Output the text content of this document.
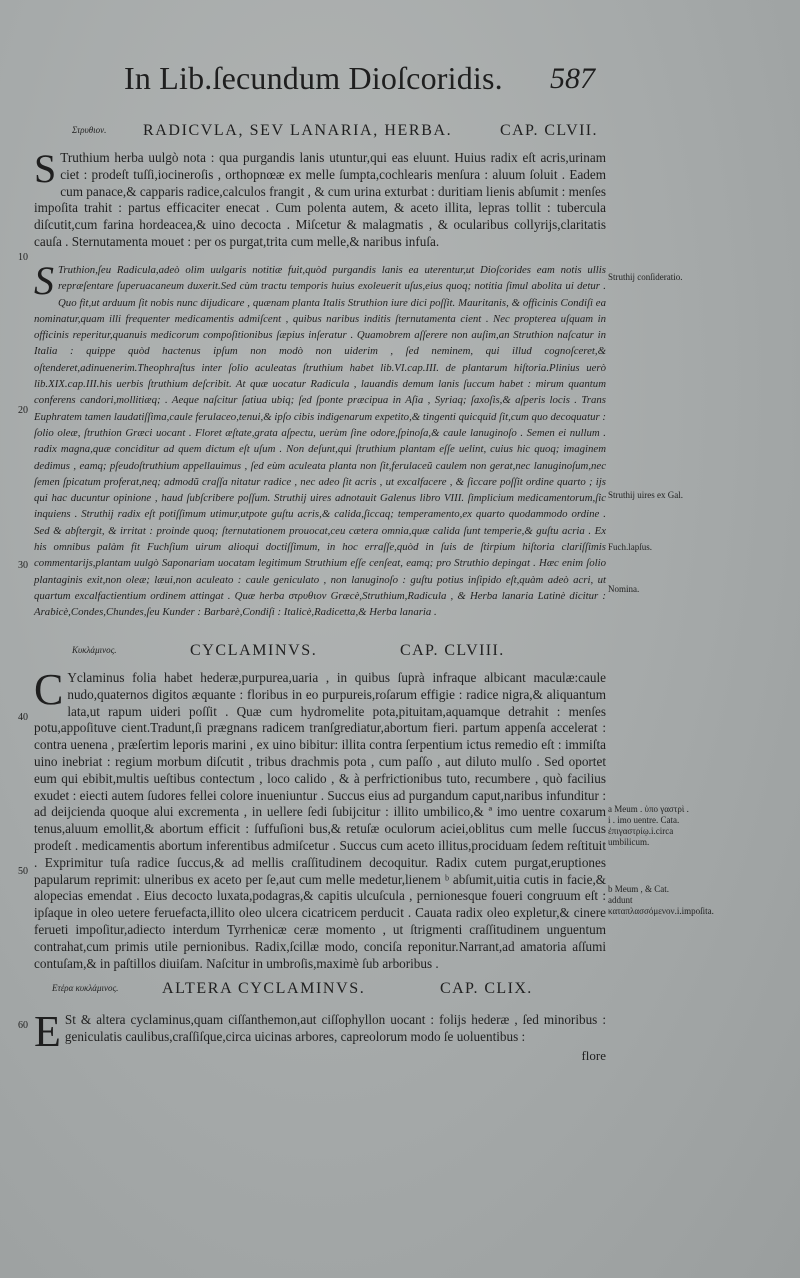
In Lib.ſecundum Dioſcoridis. 587
Στρυθιον. RADICVLA, SEV LANARIA, HERBA.	CAP. CLVII.

S Truthium herba uulgò nota : qua purgandis lanis utuntur,qui eas eluunt. Huius radix eſt acris,urinam ciet : prodeſt tuſſi,iocineroſis , orthopnœæ ex melle ſumpta,cochlearis menſura : aluum ſoluit . Eadem cum panace,& capparis radice,calculos frangit , & cum urina exturbat : duritiam lienis abſumit : menſes impoſita trahit : partus efficaciter enecat . Cum polenta autem, & aceto illita, lepras tollit : tubercula diſcutit,cum farina hordeacea,& uino decocta . Miſcetur & malagmatis , & ocularibus collyrijs,claritatis cauſa . Sternutamenta mouet : per os purgat,trita cum melle,& naribus infuſa.

S Truthion,ſeu Radicula,adeò olim uulgaris notitiæ fuit,quòd purgandis lanis ea uterentur,ut Dioſcorides eam notis ullis repræſentare ſuperuacaneum duxerit.Sed cùm tractu temporis huius exoleuerit uſus,eius quoq; notitia ſimul abolita ui detur . Quo fit,ut arduum ſit nobis nunc dijudicare , quænam planta Italis Struthion iure dici poſſit. Mauritanis, & officinis Condiſi ea nominatur,quam illi frequenter medicamentis admiſcent , quibus naribus inditis ſternutamenta cient . Nec propterea uſquam in officinis reperitur,quanuis medicorum compoſitionibus ſæpius inſeratur . Quamobrem aſſerere non auſim,an Struthion naſcatur in Italia : quippe quòd hactenus ipſum non modò non uiderim , ſed neminem, qui illud cognoſceret,& oſtenderet,adinuenerim.Theophraſtus inter ſolio aculeatas ſtruthium habet lib.VI.cap.III. de plantarum hiſtoria.Plinius uerò lib.XIX.cap.III.his uerbis ſtruthium deſcribit. At quæ uocatur Radicula , lauandis demum lanis ſuccum habet : mirum quantum conferens candori,mollitiæq; . Aeque naſcitur ſatiua ubiq; ſed ſponte præcipua in Aſia , Syriaq; ſaxoſis,& aſperis locis . Trans Euphratem tamen laudatiſſima,caule ferulaceo,tenui,& ipſo cibis indigenarum expetito,& tingenti quicquid ſit,cum quo decoquatur : ſolio oleæ, ſtruthion Græci uocant . Floret æſtate,grata aſpectu, uerùm ſine odore,ſpinoſa,& caule lanuginoſo . Semen ei nullum . radix magna,quæ conciditur ad quem dictum eſt uſum . Non deſunt,qui ſtruthium plantam eſſe uelint, cuius hic quoq; imaginem dedimus , eamq; pſeudoſtruthium appellauimus , ſed eùm aculeata planta non ſit,ferulaceũ caulem non gerat,nec lanuginoſum,nec ſemen ſpicatum proferat,neq; admodũ craſſa nitatur radice , nec adeo ſit acris , ut excalfacere , & ſiccare poſſit ordine quarto ; ijs qui hac ducuntur opinione , haud ſubſcribere poſſum. Struthij uires adnotauit Galenus libro VIII. ſimplicium medicamentorum,ſic inquiens . Struthij radix eſt potiſſimum utimur,utpote guſtu acris,& calida,ſiccaq; temperamento,ex quarto quodammodo ordine . Sed & abſtergit, & irritat : proinde quoq; ſternutationem prouocat,ceu cætera omnia,quæ calida ſunt temperie,& guſtu acria . Ex his omnibus palàm fit Fuchſium uirum alioqui doctiſſimum, in hoc erraſſe,quòd in ſuis de ſtirpium hiſtoria clariſſimis commentarijs,plantam uulgò Saponariam uocatam legitimum Struthium eſſe cenſeat, eamq; pro Struthio depingat . Hæc enim ſolio plantaginis exit,non oleæ; læui,non aculeato : caule geniculato , non lanuginoſo : guſtu potius inſipido eſt,quàm adeò acri, ut quartum excalfactientium ordinem attingat . Quæ herba στρυθιον Græcè,Struthium,Radicula , & Herba lanaria Latinè dicitur : Arabicè,Condes,Chundes,ſeu Kunder : Barbarè,Condiſi : Italicè,Radicetta,& Herba lanaria .

Κυκλάμινος.	CYCLAMINVS.	CAP. CLVIII.

C Yclaminus folia habet hederæ,purpurea,uaria , in quibus ſuprà infraque albicant maculæ:caule nudo,quaternos digitos æquante : floribus in eo purpureis,roſarum effigie : radice nigra,& aliquantum lata,ut rapum uideri poſſit . Quæ cum hydromelite pota,pituitam,aquamque detrahit : menſes potu,appoſituve cient.Tradunt,ſi prægnans radicem tranſgrediatur,abortum fieri. partum appenſa accelerat : contra uenena , præſertim leporis marini , ex uino bibitur: illita contra ſerpentium ictus remedio eſt : immiſta uino inebriat : regium morbum diſcutit , tribus drachmis pota , cum paſſo , aut diluto mulſo . Sed oportet eum qui ebibit,multis ueſtibus contectum , loco calido , & à perfrictionibus tuto, recumbere , quò facilius exudet : eiecti autem ſudores fellei colore inueniuntur . Succus eius ad purgandum caput,naribus infunditur : ad deijcienda quoque alui excrementa , in uellere ſedi ſubijcitur : illito umbilico,& ª imo uentre coxarum tenus,aluum emollit,& abortum efficit : ſuffuſioni bus,& retuſæ oculorum aciei,oblitus cum melle ſuccus prodeſt . medicamentis abortum inferentibus admiſcetur . Succus cum aceto illitus,prociduam ſedem reſtituit . Exprimitur tuſa radice ſuccus,& ad mellis craſſitudinem decoquitur. Radix cutem purgat,eruptiones papularum reprimit: ulneribus ex aceto per ſe,aut cum melle medetur,lienem ᵇ abſumit,uitia cutis in facie,& alopecias emendat . Eius decocto luxata,podagras,& capitis ulcuſcula , pernionesque foueri congruum eſt : ipſaque in oleo uetere feruefacta,illito oleo ulcera cicatricem perducit . Cauata radix oleo expletur,& cinere ferueti impoſitur,adiecto interdum Tyrrhenicæ ceræ momento , ut ſtrigmenti craſſitudinem unguentum contrahat,cum primis utile pernionibus. Radix,ſcillæ modo, conciſa reponitur.Narrant,ad amatoria aſſumi contuſam,& in paſtillos diuiſam. Naſcitur in umbroſis,maximè ſub arboribus .

Ετέρα κυκλάμινος.	ALTERA CYCLAMINVS.	CAP. CLIX.

E St & altera cyclaminus,quam ciſſanthemon,aut ciſſophyllon uocant : folijs hederæ , ſed minoribus : geniculatis caulibus,craſſiſque,circa uicinas arbores, capreolorum modo ſe uoluentibus :

flore
10
20
30
40
50
60
Struthij conſideratio.
Struthij uires ex Gal.
Fuch.lapſus.
Nomina.
a Meum . ὑπο γαστρὶ . i . imo uentre. Cata. ἐπιγαστρίῳ.i.circa umbilicum.
b Meum , & Cat. addunt καταπλασσόμενον.i.impoſita.
